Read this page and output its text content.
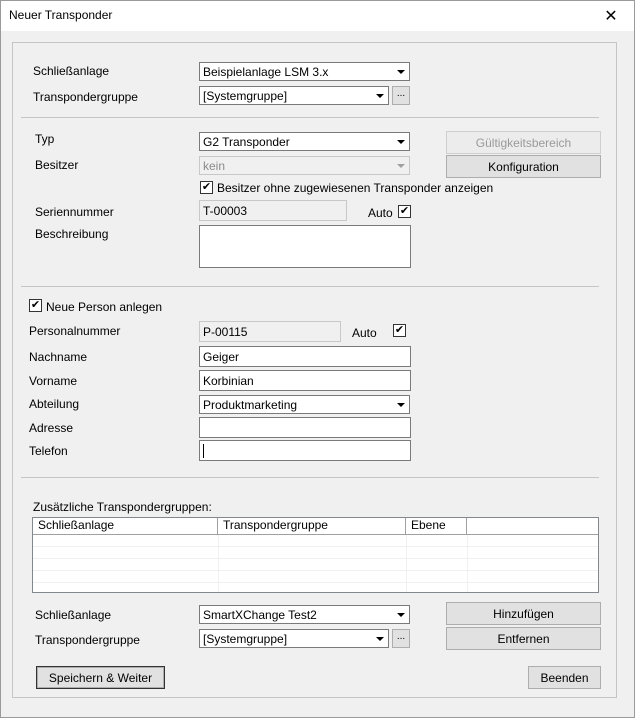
Neuer Transponder	✕
Schließanlage	Beispielanlage LSM 3.x
Transpondergruppe	[Systemgruppe]	...
Typ	G2 Transponder	Gültigkeitsbereich
Besitzer	kein	Konfiguration
✔ Besitzer ohne zugewiesenen Transponder anzeigen
Seriennummer	T-00003	Auto ✔
Beschreibung
✔ Neue Person anlegen
Personalnummer	P-00115	Auto ✔
Nachname	Geiger
Vorname	Korbinian
Abteilung	Produktmarketing
Adresse
Telefon
Zusätzliche Transpondergruppen:
Schließanlage	Transpondergruppe	Ebene
Schließanlage	SmartXChange Test2	Hinzufügen
Transpondergruppe	[Systemgruppe]	...	Entfernen
Speichern & Weiter	Beenden
